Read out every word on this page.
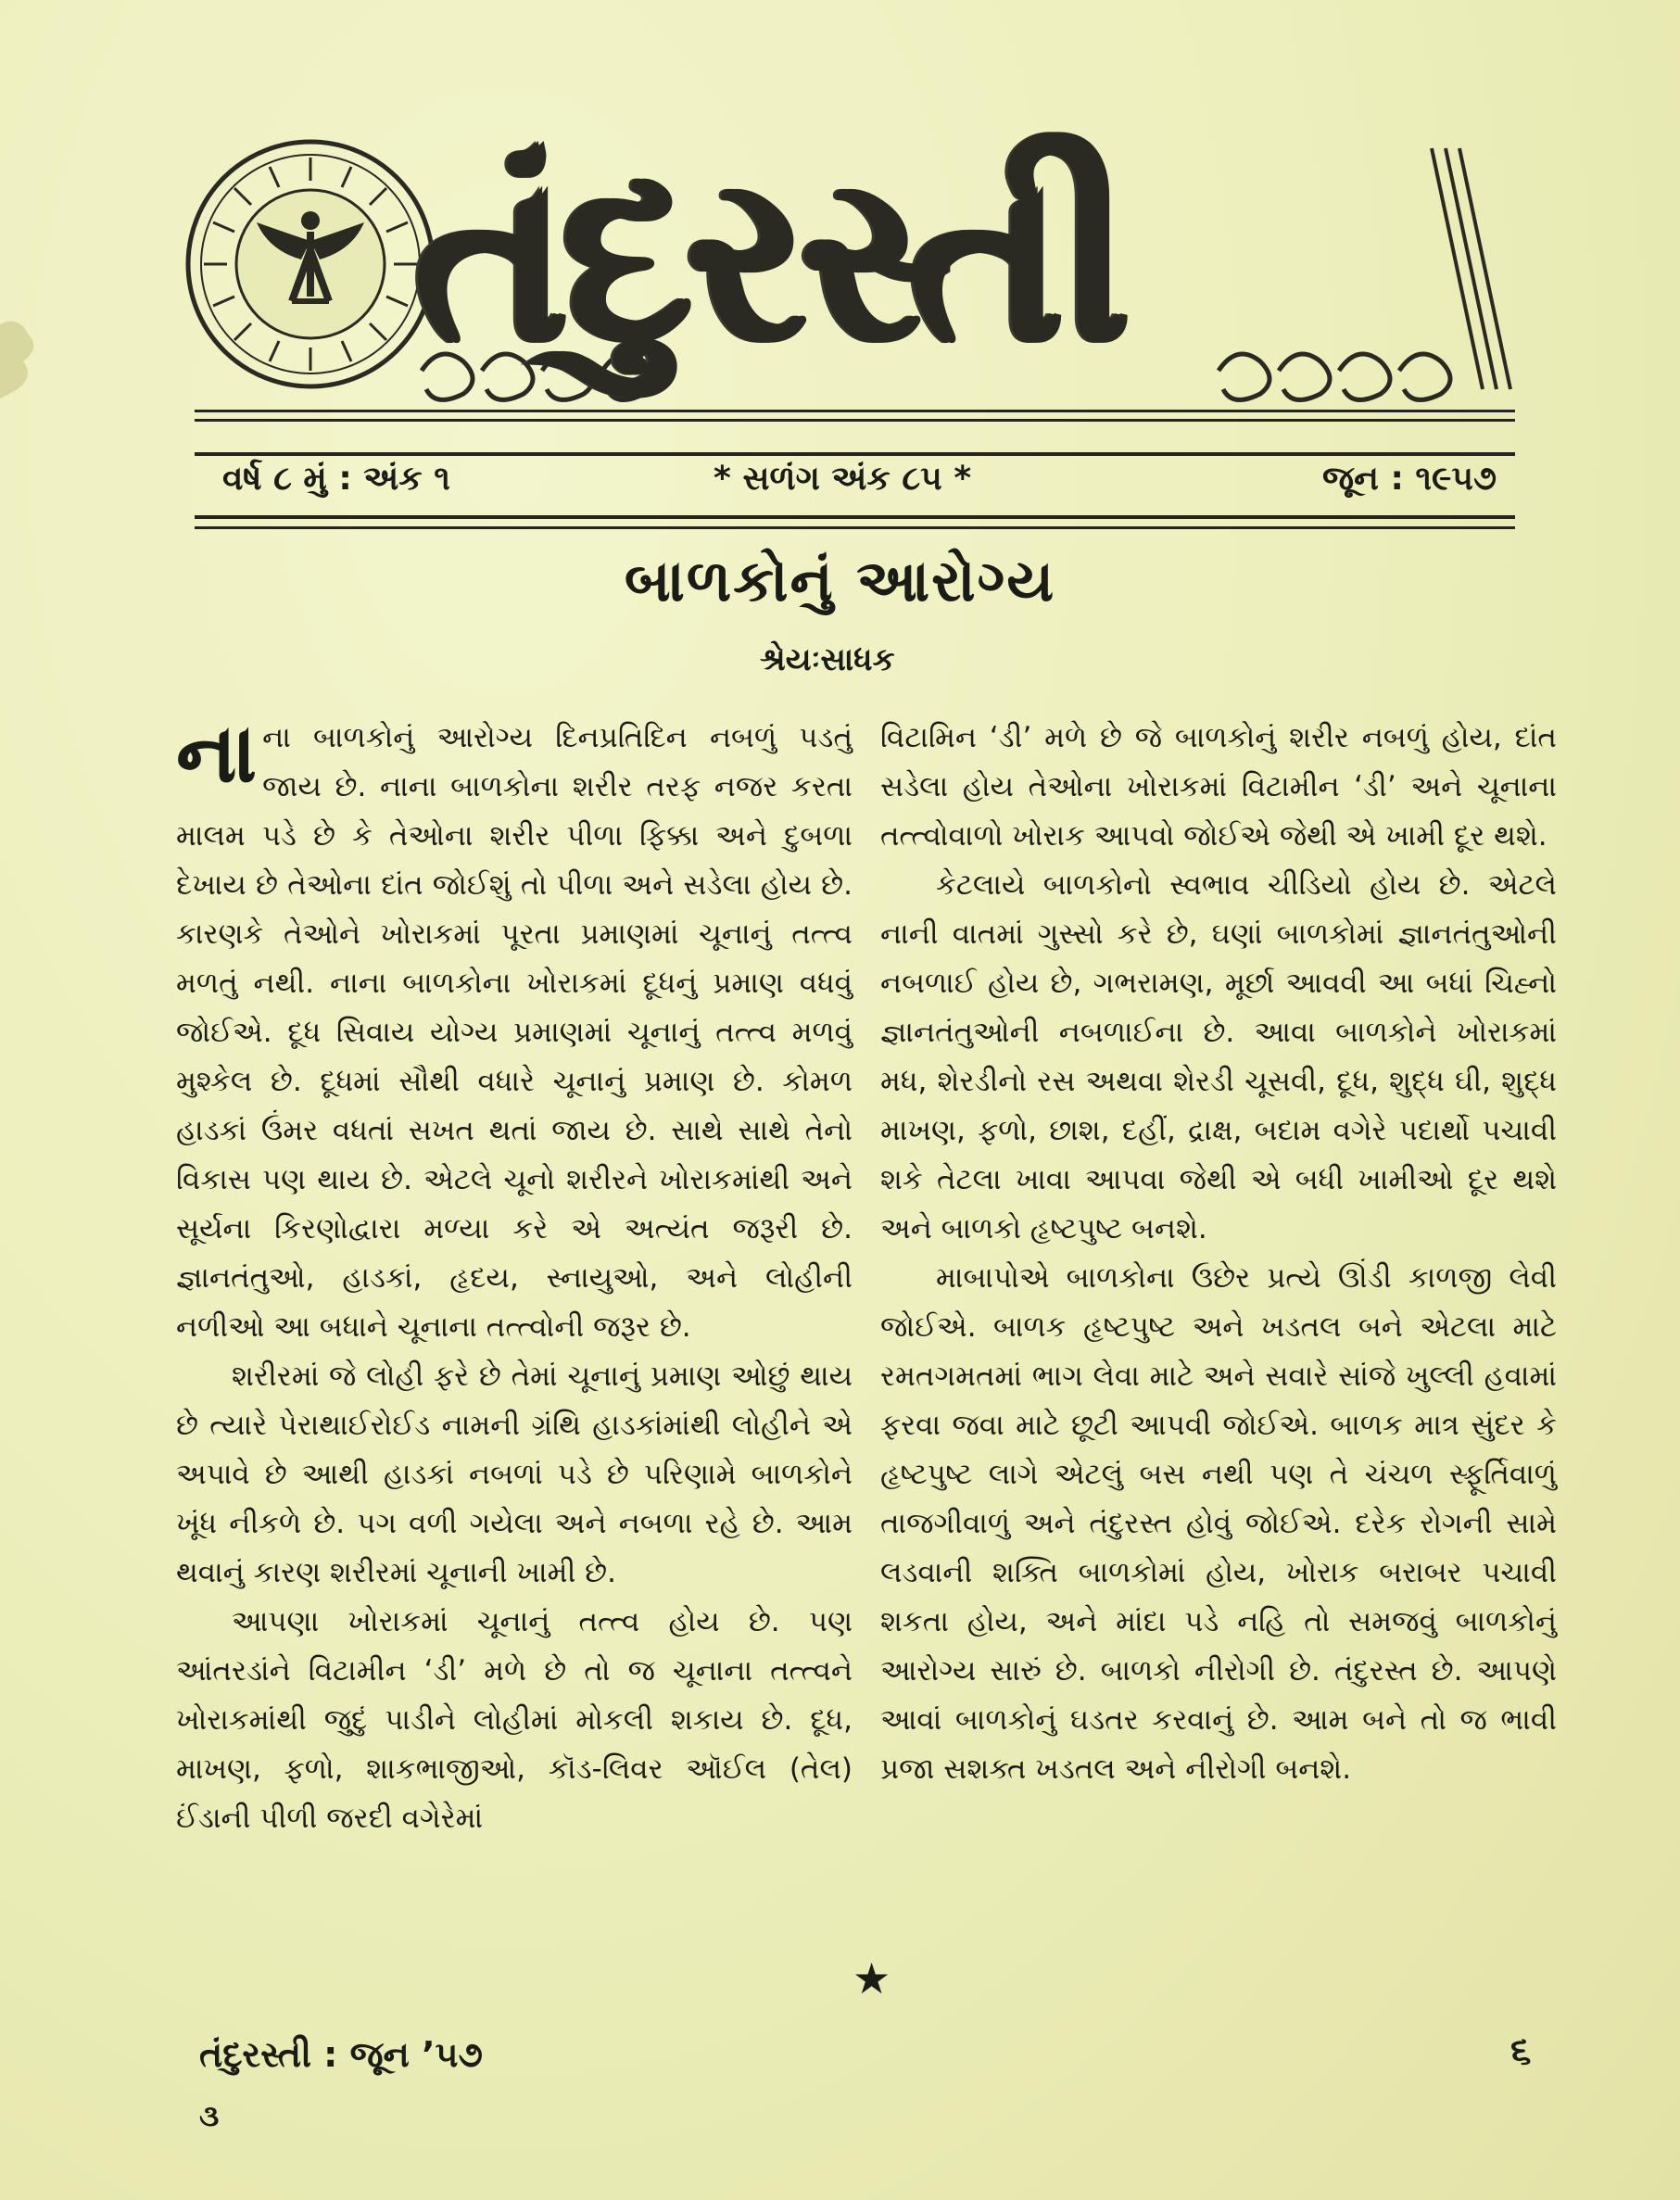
તંદુરસ્તી
વર્ષ ૮ મું : અંક ૧	* સળંગ અંક ૮૫ *	જૂન : ૧૯૫૭
બાળકોનું આરોગ્ય
શ્રેયઃસાધક

નાના બાળકોનું આરોગ્ય દિનપ્રતિદિન નબળું પડતું જાય છે. નાના બાળકોના શરીર તરફ નજર કરતા માલમ પડે છે કે તેઓના શરીર પીળા ફિક્કા અને દુબળા દેખાય છે તેઓના દાંત જોઈશું તો પીળા અને સડેલા હોય છે. કારણકે તેઓને ખોરાકમાં પૂરતા પ્રમાણમાં ચૂનાનું તત્ત્વ મળતું નથી. નાના બાળકોના ખોરાકમાં દૂધનું પ્રમાણ વધવું જોઈએ. દૂધ સિવાય યોગ્ય પ્રમાણમાં ચૂનાનું તત્ત્વ મળવું મુશ્કેલ છે. દૂધમાં સૌથી વધારે ચૂનાનું પ્રમાણ છે. કોમળ હાડકાં ઉંમર વધતાં સખત થતાં જાય છે. સાથે સાથે તેનો વિકાસ પણ થાય છે. એટલે ચૂનો શરીરને ખોરાકમાંથી અને સૂર્યના કિરણોદ્વારા મળ્યા કરે એ અત્યંત જરૂરી છે. જ્ઞાનતંતુઓ, હાડકાં, હૃદય, સ્નાયુઓ, અને લોહીની નળીઓ આ બધાને ચૂનાના તત્ત્વોની જરૂર છે.

શરીરમાં જે લોહી ફરે છે તેમાં ચૂનાનું પ્રમાણ ઓછું થાય છે ત્યારે પેરાથાઈરોઈડ નામની ગ્રંથિ હાડકાંમાંથી લોહીને એ અપાવે છે આથી હાડકાં નબળાં પડે છે પરિણામે બાળકોને ખૂંધ નીકળે છે. પગ વળી ગયેલા અને નબળા રહે છે. આમ થવાનું કારણ શરીરમાં ચૂનાની ખામી છે.

આપણા ખોરાકમાં ચૂનાનું તત્ત્વ હોય છે. પણ આંતરડાંને વિટામીન ‘ડી’ મળે છે તો જ ચૂનાના તત્ત્વને ખોરાકમાંથી જુદું પાડીને લોહીમાં મોકલી શકાય છે. દૂધ, માખણ, ફળો, શાકભાજીઓ, કૉડ-લિવર ઑઈલ (તેલ) ઈંડાની પીળી જરદી વગેરેમાં

વિટામિન ‘ડી’ મળે છે જે બાળકોનું શરીર નબળું હોય, દાંત સડેલા હોય તેઓના ખોરાકમાં વિટામીન ‘ડી’ અને ચૂનાના તત્ત્વોવાળો ખોરાક આપવો જોઈએ જેથી એ ખામી દૂર થશે.

કેટલાયે બાળકોનો સ્વભાવ ચીડિયો હોય છે. એટલે નાની વાતમાં ગુસ્સો કરે છે, ઘણાં બાળકોમાં જ્ઞાનતંતુઓની નબળાઈ હોય છે, ગભરામણ, મૂર્છા આવવી આ બધાં ચિહ્નો જ્ઞાનતંતુઓની નબળાઈના છે. આવા બાળકોને ખોરાકમાં મધ, શેરડીનો રસ અથવા શેરડી ચૂસવી, દૂધ, શુદ્ધ ઘી, શુદ્ધ માખણ, ફળો, છાશ, દહીં, દ્રાક્ષ, બદામ વગેરે પદાર્થો પચાવી શકે તેટલા ખાવા આપવા જેથી એ બધી ખામીઓ દૂર થશે અને બાળકો હૃષ્ટપુષ્ટ બનશે.

માબાપોએ બાળકોના ઉછેર પ્રત્યે ઊંડી કાળજી લેવી જોઈએ. બાળક હૃષ્ટપુષ્ટ અને ખડતલ બને એટલા માટે રમતગમતમાં ભાગ લેવા માટે અને સવારે સાંજે ખુલ્લી હવામાં ફરવા જવા માટે છૂટી આપવી જોઈએ. બાળક માત્ર સુંદર કે હૃષ્ટપુષ્ટ લાગે એટલું બસ નથી પણ તે ચંચળ સ્ફૂર્તિવાળું તાજગીવાળું અને તંદુરસ્ત હોવું જોઈએ. દરેક રોગની સામે લડવાની શક્તિ બાળકોમાં હોય, ખોરાક બરાબર પચાવી શકતા હોય, અને માંદા પડે નહિ તો સમજવું બાળકોનું આરોગ્ય સારું છે. બાળકો નીરોગી છે. તંદુરસ્ત છે. આપણે આવાં બાળકોનું ઘડતર કરવાનું છે. આમ બને તો જ ભાવી પ્રજા સશક્ત ખડતલ અને નીરોગી બનશે.

★
તંદુરસ્તી : જૂન ’૫૭	૬
૩
